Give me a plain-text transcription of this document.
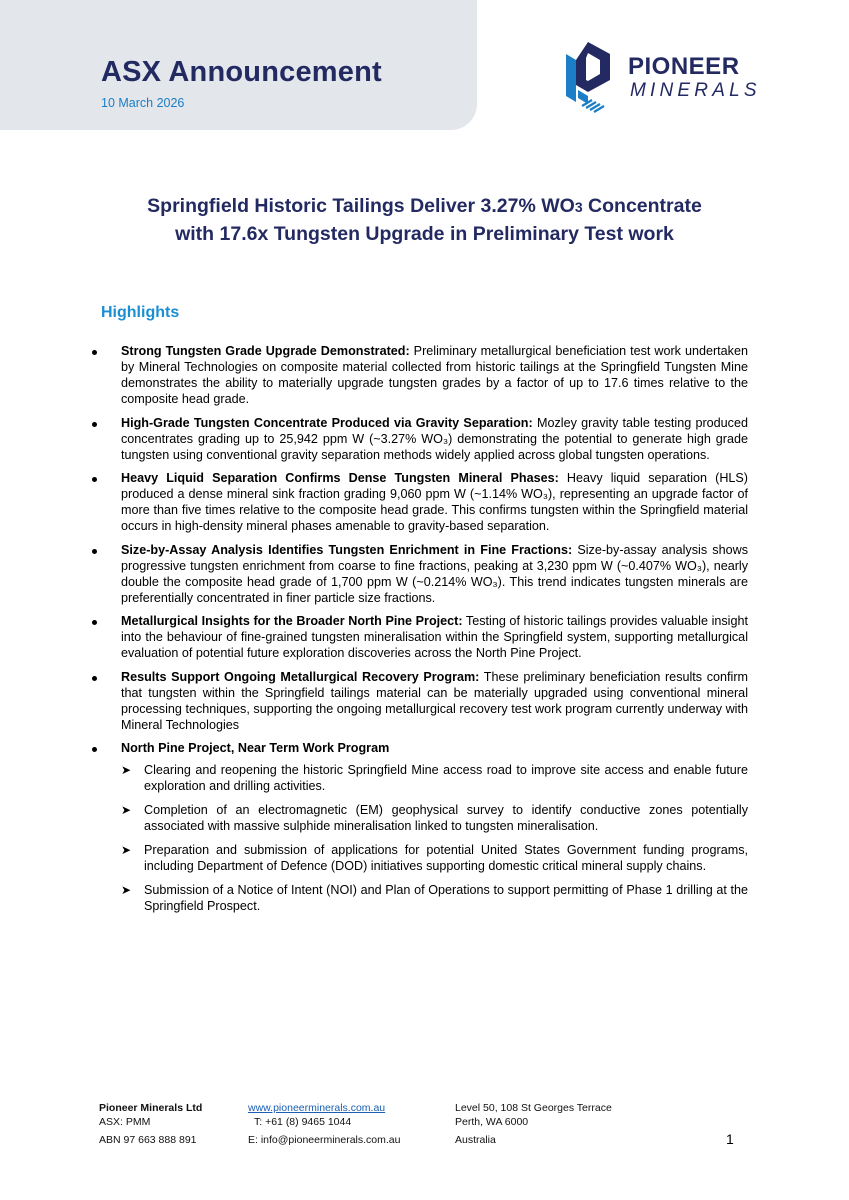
ASX Announcement
10 March 2026
PIONEER
MINERALS
Springfield Historic Tailings Deliver 3.27% WO3 Concentrate
with 17.6x Tungsten Upgrade in Preliminary Test work
Highlights
Strong Tungsten Grade Upgrade Demonstrated: Preliminary metallurgical beneficiation test work undertaken by Mineral Technologies on composite material collected from historic tailings at the Springfield Tungsten Mine demonstrates the ability to materially upgrade tungsten grades by a factor of up to 17.6 times relative to the composite head grade.
High-Grade Tungsten Concentrate Produced via Gravity Separation: Mozley gravity table testing produced concentrates grading up to 25,942 ppm W (~3.27% WO₃) demonstrating the potential to generate high grade tungsten using conventional gravity separation methods widely applied across global tungsten operations.
Heavy Liquid Separation Confirms Dense Tungsten Mineral Phases: Heavy liquid separation (HLS) produced a dense mineral sink fraction grading 9,060 ppm W (~1.14% WO₃), representing an upgrade factor of more than five times relative to the composite head grade. This confirms tungsten within the Springfield material occurs in high-density mineral phases amenable to gravity-based separation.
Size-by-Assay Analysis Identifies Tungsten Enrichment in Fine Fractions: Size-by-assay analysis shows progressive tungsten enrichment from coarse to fine fractions, peaking at 3,230 ppm W (~0.407% WO₃), nearly double the composite head grade of 1,700 ppm W (~0.214% WO₃). This trend indicates tungsten minerals are preferentially concentrated in finer particle size fractions.
Metallurgical Insights for the Broader North Pine Project: Testing of historic tailings provides valuable insight into the behaviour of fine-grained tungsten mineralisation within the Springfield system, supporting metallurgical evaluation of potential future exploration discoveries across the North Pine Project.
Results Support Ongoing Metallurgical Recovery Program: These preliminary beneficiation results confirm that tungsten within the Springfield tailings material can be materially upgraded using conventional mineral processing techniques, supporting the ongoing metallurgical recovery test work program currently underway with Mineral Technologies
North Pine Project, Near Term Work Program
➤ Clearing and reopening the historic Springfield Mine access road to improve site access and enable future exploration and drilling activities.
➤ Completion of an electromagnetic (EM) geophysical survey to identify conductive zones potentially associated with massive sulphide mineralisation linked to tungsten mineralisation.
➤ Preparation and submission of applications for potential United States Government funding programs, including Department of Defence (DOD) initiatives supporting domestic critical mineral supply chains.
➤ Submission of a Notice of Intent (NOI) and Plan of Operations to support permitting of Phase 1 drilling at the Springfield Prospect.
Pioneer Minerals Ltd
ASX: PMM
ABN 97 663 888 891
www.pioneerminerals.com.au
T: +61 (8) 9465 1044
E: info@pioneerminerals.com.au
Level 50, 108 St Georges Terrace
Perth, WA 6000
Australia	1
